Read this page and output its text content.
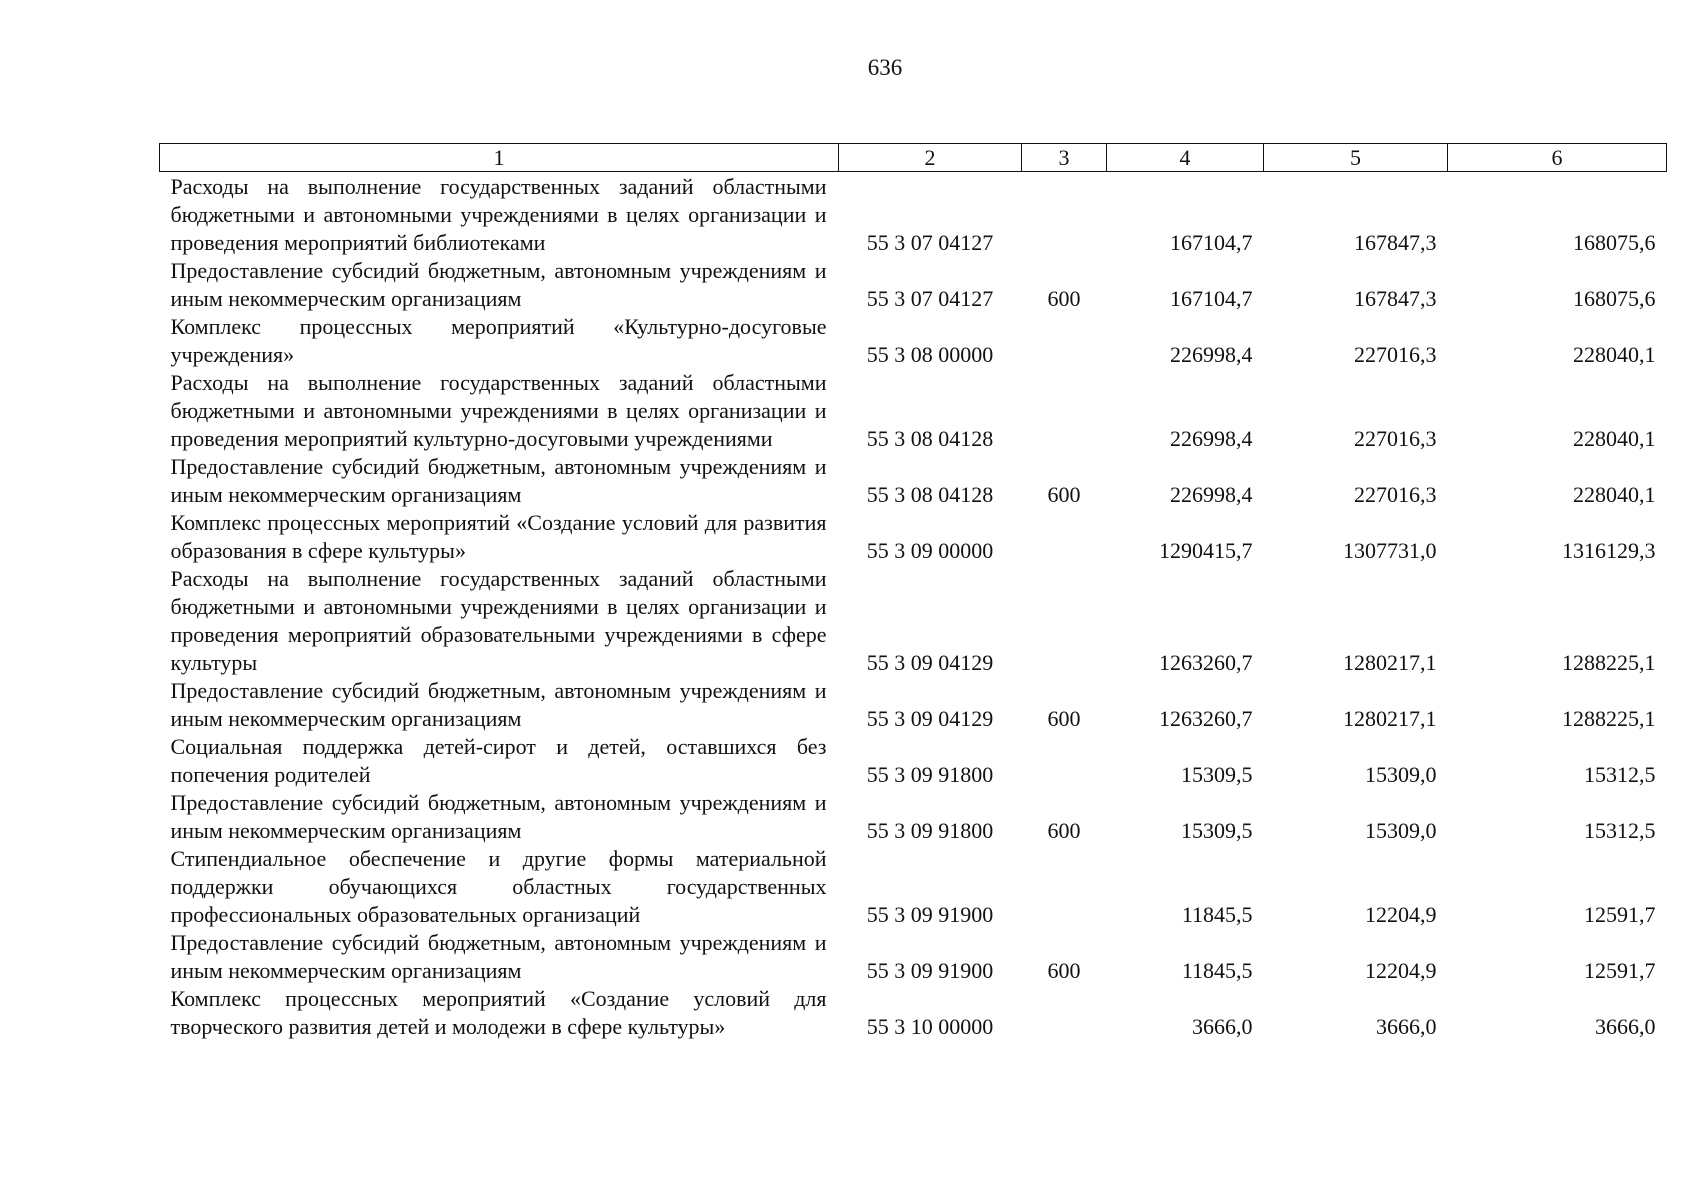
636
1	2	3	4	5	6
Расходы на выполнение государственных заданий областными бюджетными и автономными учреждениями в целях организации и проведения мероприятий библиотеками	55 3 07 04127		167104,7	167847,3	168075,6
Предоставление субсидий бюджетным, автономным учреждениям и иным некоммерческим организациям	55 3 07 04127	600	167104,7	167847,3	168075,6
Комплекс процессных мероприятий «Культурно-досуговые учреждения»	55 3 08 00000		226998,4	227016,3	228040,1
Расходы на выполнение государственных заданий областными бюджетными и автономными учреждениями в целях организации и проведения мероприятий культурно-досуговыми учреждениями	55 3 08 04128		226998,4	227016,3	228040,1
Предоставление субсидий бюджетным, автономным учреждениям и иным некоммерческим организациям	55 3 08 04128	600	226998,4	227016,3	228040,1
Комплекс процессных мероприятий «Создание условий для развития образования в сфере культуры»	55 3 09 00000		1290415,7	1307731,0	1316129,3
Расходы на выполнение государственных заданий областными бюджетными и автономными учреждениями в целях организации и проведения мероприятий образовательными учреждениями в сфере культуры	55 3 09 04129		1263260,7	1280217,1	1288225,1
Предоставление субсидий бюджетным, автономным учреждениям и иным некоммерческим организациям	55 3 09 04129	600	1263260,7	1280217,1	1288225,1
Социальная поддержка детей-сирот и детей, оставшихся без попечения родителей	55 3 09 91800		15309,5	15309,0	15312,5
Предоставление субсидий бюджетным, автономным учреждениям и иным некоммерческим организациям	55 3 09 91800	600	15309,5	15309,0	15312,5
Стипендиальное обеспечение и другие формы материальной поддержки обучающихся областных государственных профессиональных образовательных организаций	55 3 09 91900		11845,5	12204,9	12591,7
Предоставление субсидий бюджетным, автономным учреждениям и иным некоммерческим организациям	55 3 09 91900	600	11845,5	12204,9	12591,7
Комплекс процессных мероприятий «Создание условий для творческого развития детей и молодежи в сфере культуры»	55 3 10 00000		3666,0	3666,0	3666,0
